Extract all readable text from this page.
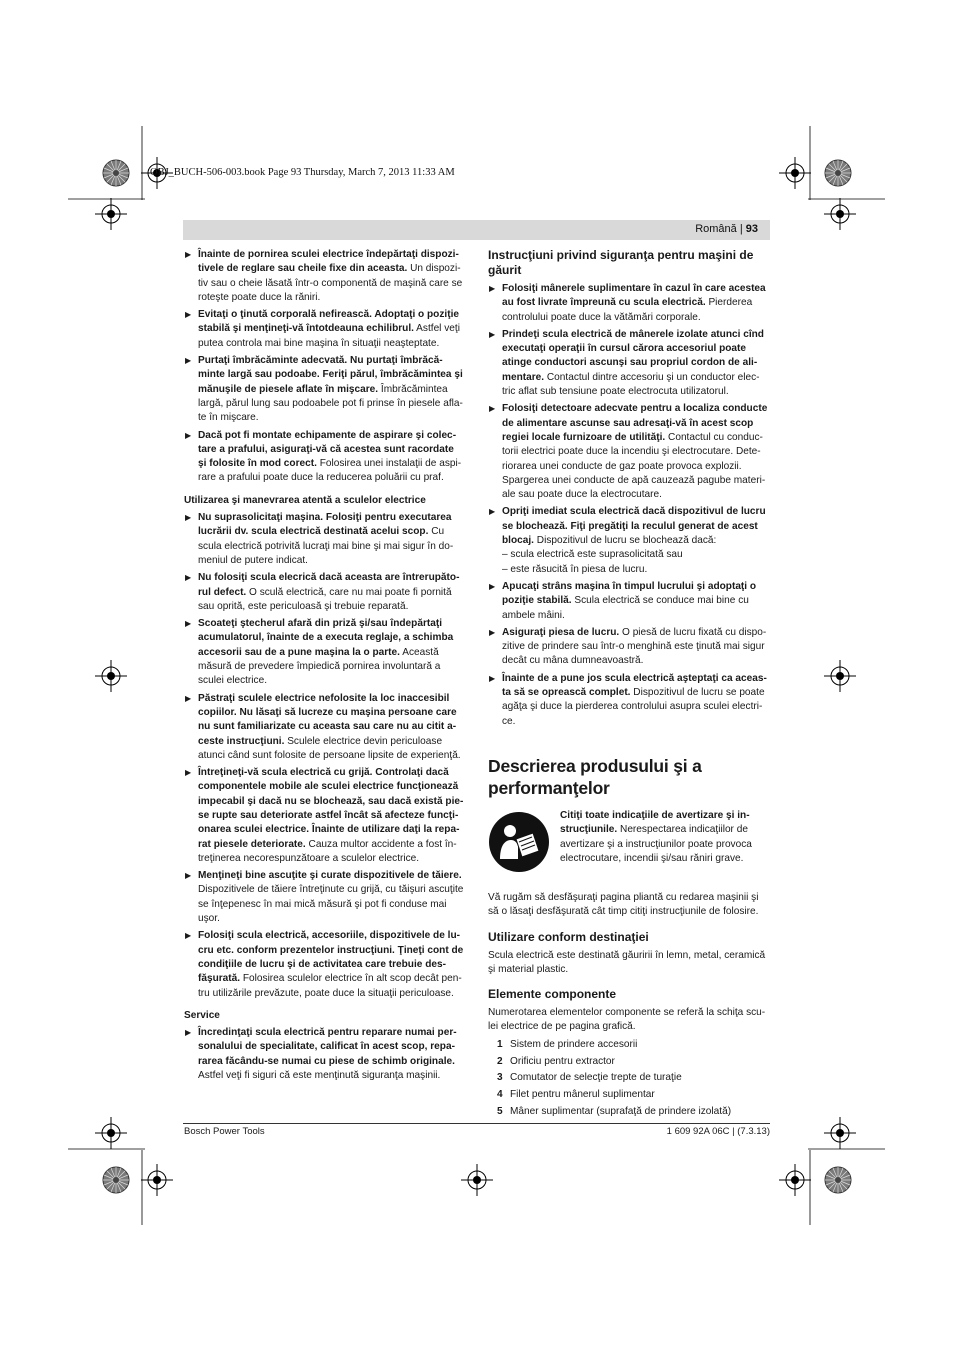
OBJ_BUCH-506-003.book Page 93 Thursday, March 7, 2013 11:33 AM
Română | 93
▶ Înainte de pornirea sculei electrice îndepărtaţi dispozitivele de reglare sau cheile fixe din aceasta. Un dispozitiv sau o cheie lăsată într-o componentă de maşină care se roteşte poate duce la răniri.
▶ Evitaţi o ţinută corporală nefirească. Adoptaţi o poziţie stabilă şi menţineţi-vă întotdeauna echilibrul. Astfel veţi putea controla mai bine maşina în situaţii neaşteptate.
▶ Purtaţi îmbrăcăminte adecvată. Nu purtaţi îmbrăcăminte largă sau podoabe. Feriţi părul, îmbrăcămintea şi mănuşile de piesele aflate în mişcare. Îmbrăcămintea largă, părul lung sau podoabele pot fi prinse în piesele aflate în mişcare.
▶ Dacă pot fi montate echipamente de aspirare şi colectare a prafului, asiguraţi-vă că acestea sunt racordate şi folosite în mod corect. Folosirea unei instalaţii de aspirare a prafului poate duce la reducerea poluării cu praf.
Utilizarea şi manevrarea atentă a sculelor electrice
▶ Nu suprasolicitaţi maşina. Folosiţi pentru executarea lucrării dv. scula electrică destinată acelui scop. Cu scula electrică potrivită lucraţi mai bine şi mai sigur în domeniul de putere indicat.
▶ Nu folosiţi scula elecrică dacă aceasta are întrerupătorul defect. O sculă electrică, care nu mai poate fi pornită sau oprită, este periculoasă şi trebuie reparată.
▶ Scoateţi ştecherul afară din priză şi/sau îndepărtaţi acumulatorul, înainte de a executa reglaje, a schimba accesorii sau de a pune maşina la o parte. Această măsură de prevedere împiedică pornirea involuntară a sculei electrice.
▶ Păstraţi sculele electrice nefolosite la loc inaccesibil copiilor. Nu lăsaţi să lucreze cu maşina persoane care nu sunt familiarizate cu aceasta sau care nu au citit aceste instrucţiuni. Sculele electrice devin periculoase atunci când sunt folosite de persoane lipsite de experienţă.
▶ Întreţineţi-vă scula electrică cu grijă. Controlaţi dacă componentele mobile ale sculei electrice funcţionează impecabil şi dacă nu se blochează, sau dacă există piese rupte sau deteriorate astfel încât să afecteze funcţionarea sculei electrice. Înainte de utilizare daţi la reparat piesele deteriorate. Cauza multor accidente a fost întreţinerea necorespunzătoare a sculelor electrice.
▶ Menţineţi bine ascuţite şi curate dispozitivele de tăiere. Dispozitivele de tăiere întreţinute cu grijă, cu tăişuri ascuţite se înţepenesc în mai mică măsură şi pot fi conduse mai uşor.
▶ Folosiţi scula electrică, accesoriile, dispozitivele de lucru etc. conform prezentelor instrucţiuni. Ţineţi cont de condiţiile de lucru şi de activitatea care trebuie desfăşurată. Folosirea sculelor electrice în alt scop decât pentru utilizările prevăzute, poate duce la situaţii periculoase.
Service
▶ Încredinţaţi scula electrică pentru reparare numai personalului de specialitate, calificat în acest scop, repararea făcându-se numai cu piese de schimb originale. Astfel veţi fi siguri că este menţinută siguranţa maşinii.
Instrucţiuni privind siguranţa pentru maşini de găurit
▶ Folosiţi mânerele suplimentare în cazul în care acestea au fost livrate împreună cu scula electrică. Pierderea controlului poate duce la vătămări corporale.
▶ Prindeţi scula electrică de mânerele izolate atunci cînd executaţi operaţii în cursul cărora accesoriul poate atinge conductori ascunşi sau propriul cordon de alimentare. Contactul dintre accesoriu şi un conductor electric aflat sub tensiune poate electrocuta utilizatorul.
▶ Folosiţi detectoare adecvate pentru a localiza conducte de alimentare ascunse sau adresaţi-vă în acest scop regiei locale furnizoare de utilităţi. Contactul cu conductorii electrici poate duce la incendiu şi electrocutare. Deteriorarea unei conducte de gaz poate provoca explozii. Spargerea unei conducte de apă cauzează pagube materiale sau poate duce la electrocutare.
▶ Opriţi imediat scula electrică dacă dispozitivul de lucru se blochează. Fiţi pregătiţi la reculul generat de acest blocaj. Dispozitivul de lucru se blochează dacă:
– scula electrică este suprasolicitată sau
– este răsucită în piesa de lucru.
▶ Apucaţi strâns maşina în timpul lucrului şi adoptaţi o poziţie stabilă. Scula electrică se conduce mai bine cu ambele mâini.
▶ Asiguraţi piesa de lucru. O piesă de lucru fixată cu dispozitive de prindere sau într-o menghină este ţinută mai sigur decât cu mâna dumneavoastră.
▶ Înainte de a pune jos scula electrică aşteptaţi ca aceasta să se oprească complet. Dispozitivul de lucru se poate agăţa şi duce la pierderea controlului asupra sculei electrice.
Descrierea produsului şi a performanţelor
Citiţi toate indicaţiile de avertizare şi instrucţiunile. Nerespectarea indicaţiilor de avertizare şi a instrucţiunilor poate provoca electrocutare, incendii şi/sau răniri grave.
Vă rugăm să desfăşuraţi pagina pliantă cu redarea maşinii şi să o lăsaţi desfăşurată cât timp citiţi instrucţiunile de folosire.
Utilizare conform destinaţiei
Scula electrică este destinată găuririi în lemn, metal, ceramică şi material plastic.
Elemente componente
Numerotarea elementelor componente se referă la schiţa sculei electrice de pe pagina grafică.
1 Sistem de prindere accesorii
2 Orificiu pentru extractor
3 Comutator de selecţie trepte de turaţie
4 Filet pentru mânerul suplimentar
5 Mâner suplimentar (suprafaţă de prindere izolată)
Bosch Power Tools	1 609 92A 06C | (7.3.13)
